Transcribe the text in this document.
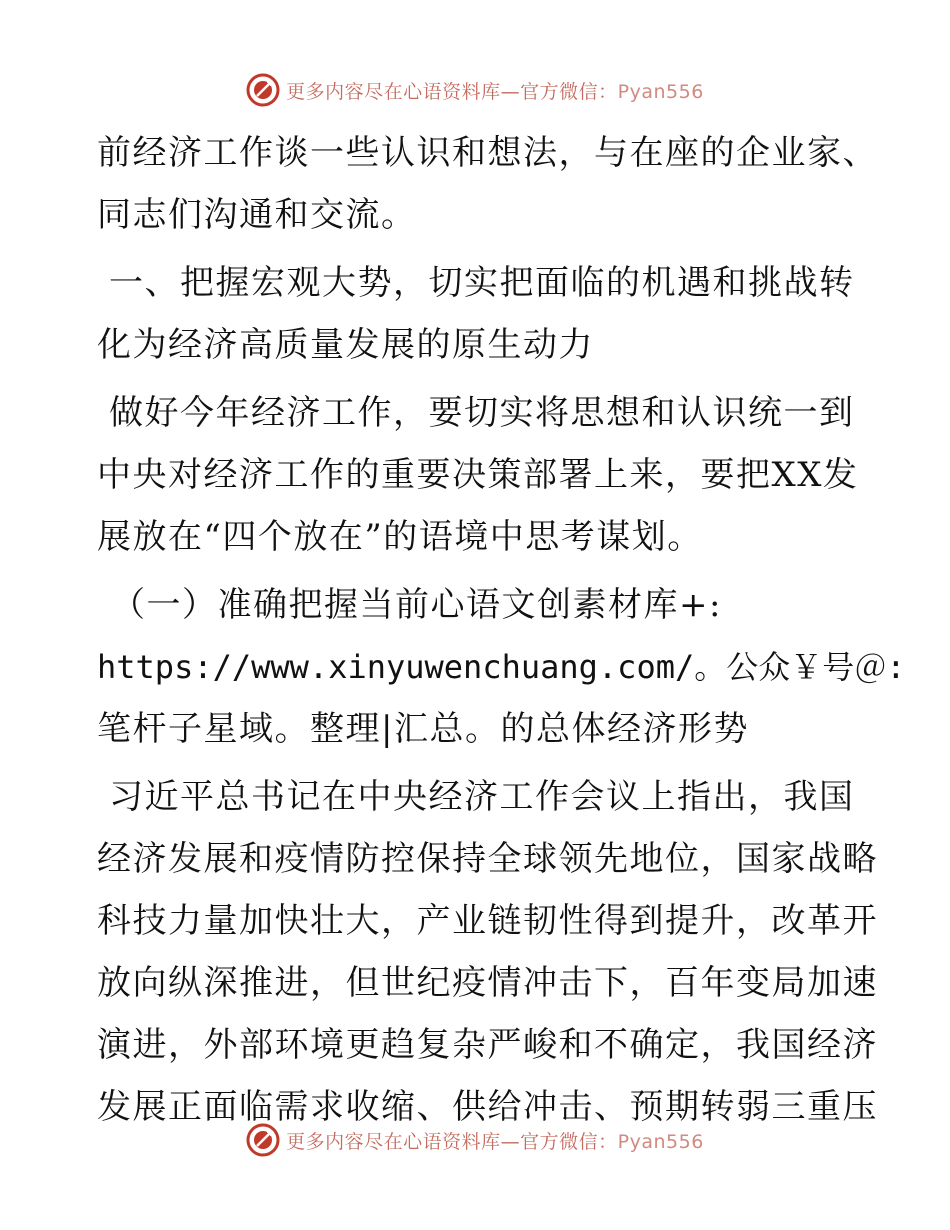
更多内容尽在心语资料库—官方微信：Pyan556
前经济工作谈一些认识和想法，与在座的企业家、
同志们沟通和交流。
一、把握宏观大势，切实把面临的机遇和挑战转
化为经济高质量发展的原生动力
做好今年经济工作，要切实将思想和认识统一到
中央对经济工作的重要决策部署上来，要把XX发
展放在“四个放在”的语境中思考谋划。
（一）准确把握当前心语文创素材库+:
https://www.xinyuwenchuang.com/。公众￥号＠:
笔杆子星域。整理|汇总。的总体经济形势
习近平总书记在中央经济工作会议上指出，我国
经济发展和疫情防控保持全球领先地位，国家战略
科技力量加快壮大，产业链韧性得到提升，改革开
放向纵深推进，但世纪疫情冲击下，百年变局加速
演进，外部环境更趋复杂严峻和不确定，我国经济
发展正面临需求收缩、供给冲击、预期转弱三重压
更多内容尽在心语资料库—官方微信：Pyan556
